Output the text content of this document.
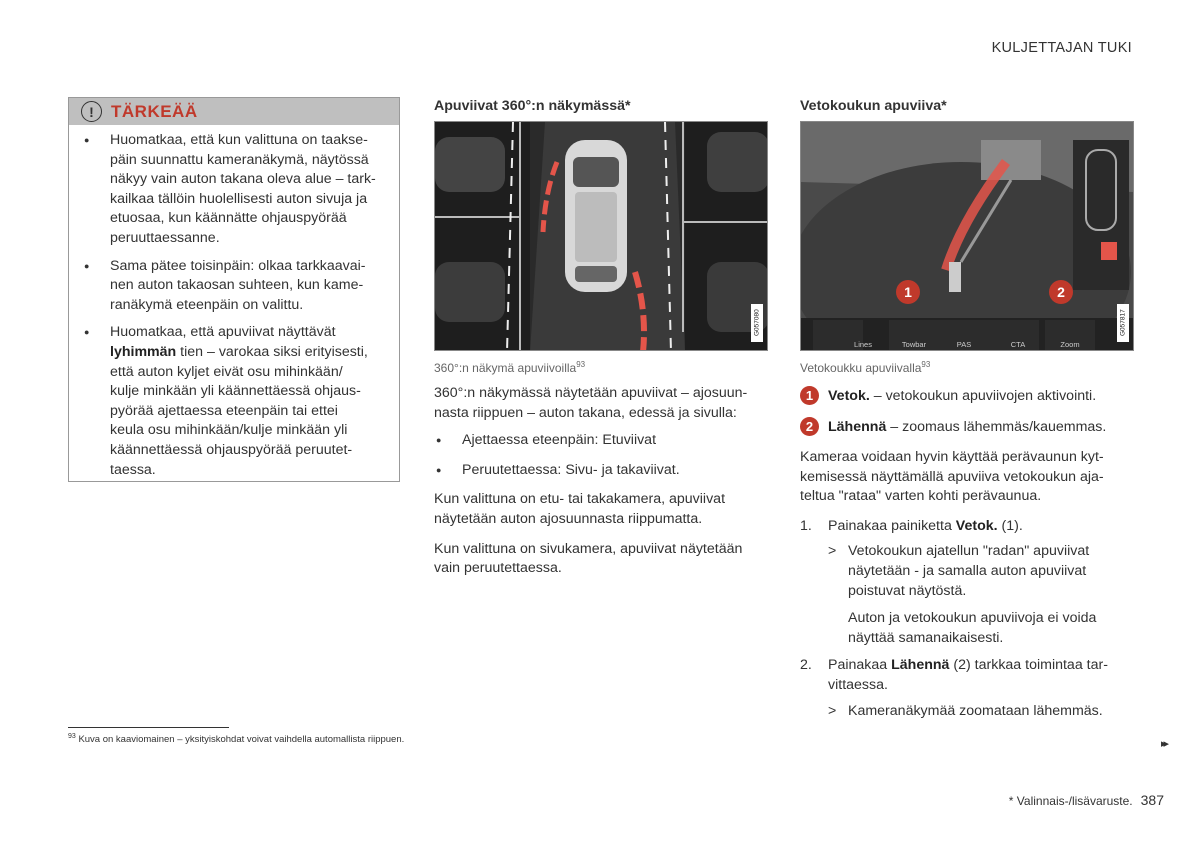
KULJETTAJAN TUKI
!	TÄRKEÄÄ
● Huomatkaa, että kun valittuna on taakse-
päin suunnattu kameranäkymä, näytössä
näkyy vain auton takana oleva alue – tark-
kailkaa tällöin huolellisesti auton sivuja ja
etuosaa, kun käännätte ohjauspyörää
peruuttaessanne.
● Sama pätee toisinpäin: olkaa tarkkaavai-
nen auton takaosan suhteen, kun kame-
ranäkymä eteenpäin on valittu.
● Huomatkaa, että apuviivat näyttävät
lyhimmän tien – varokaa siksi erityisesti,
että auton kyljet eivät osu mihinkään/
kulje minkään yli käännettäessä ohjaus-
pyörää ajettaessa eteenpäin tai ettei
keula osu mihinkään/kulje minkään yli
käännettäessä ohjauspyörää peruutet-
taessa.
Apuviivat 360°:n näkymässä*
G057080
360°:n näkymä apuviivoilla$^{93}$
360°:n näkymässä näytetään apuviivat – ajosuun-
nasta riippuen – auton takana, edessä ja sivulla:
● Ajettaessa eteenpäin: Etuviivat
● Peruutettaessa: Sivu- ja takaviivat.
Kun valittuna on etu- tai takakamera, apuviivat
näytetään auton ajosuunnasta riippumatta.
Kun valittuna on sivukamera, apuviivat näytetään
vain peruutettaessa.
Vetokoukun apuviiva*
Lines	Towbar	PAS	CTA	Zoom
1	2
G057817
Vetokoukku apuviivalla$^{93}$
1	Vetok. – vetokoukun apuviivojen aktivointi.
2	Lähennä – zoomaus lähemmäs/kauemmas.
Kameraa voidaan hyvin käyttää perävaunun kyt-
kemisessä näyttämällä apuviiva vetokoukun aja-
teltua "rataa" varten kohti perävaunua.
1. Painakaa painiketta Vetok. (1).
> Vetokoukun ajatellun "radan" apuviivat
näytetään - ja samalla auton apuviivat
poistuvat näytöstä.
Auton ja vetokoukun apuviivoja ei voida
näyttää samanaikaisesti.
2. Painakaa Lähennä (2) tarkkaa toimintaa tar-
vittaessa.
> Kameranäkymää zoomataan lähemmäs.
$^{93}$ Kuva on kaaviomainen – yksityiskohdat voivat vaihdella automallista riippuen.	▸▸
* Valinnais-/lisävaruste. 387
